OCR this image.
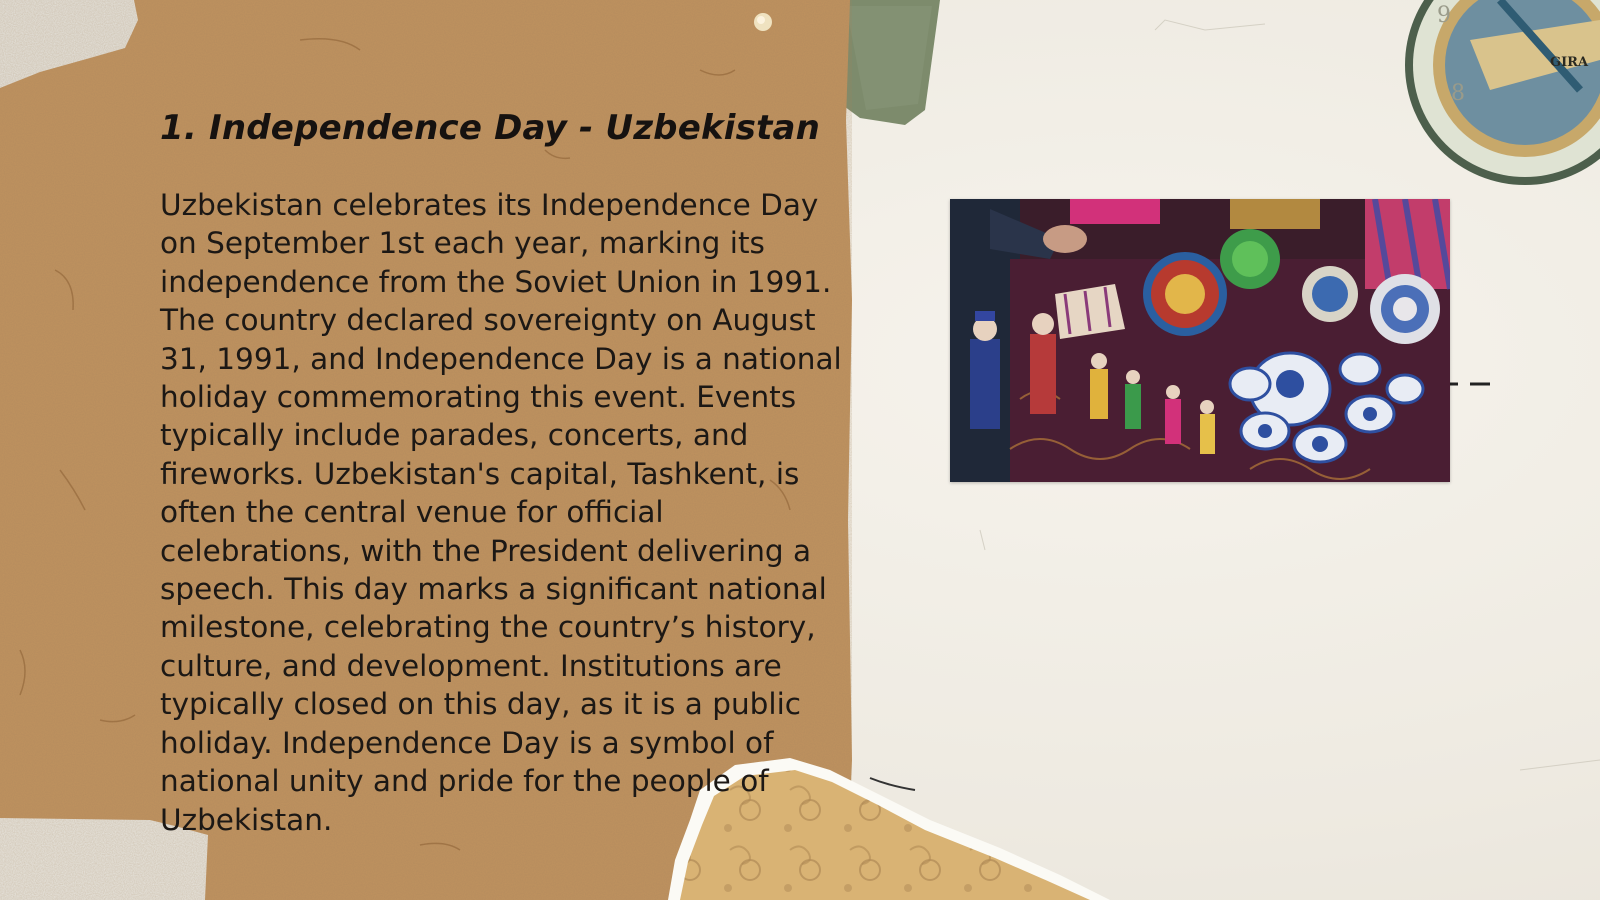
9
8
GIRA
1. Independence Day - Uzbekistan

Uzbekistan celebrates its Independence Day on September 1st each year, marking its independence from the Soviet Union in 1991. The country declared sovereignty on August 31, 1991, and Independence Day is a national holiday commemorating this event. Events typically include parades, concerts, and fireworks. Uzbekistan's capital, Tashkent, is often the central venue for official celebrations, with the President delivering a speech. This day marks a significant national milestone, celebrating the country’s history, culture, and development. Institutions are typically closed on this day, as it is a public holiday. Independence Day is a symbol of national unity and pride for the people of Uzbekistan.
